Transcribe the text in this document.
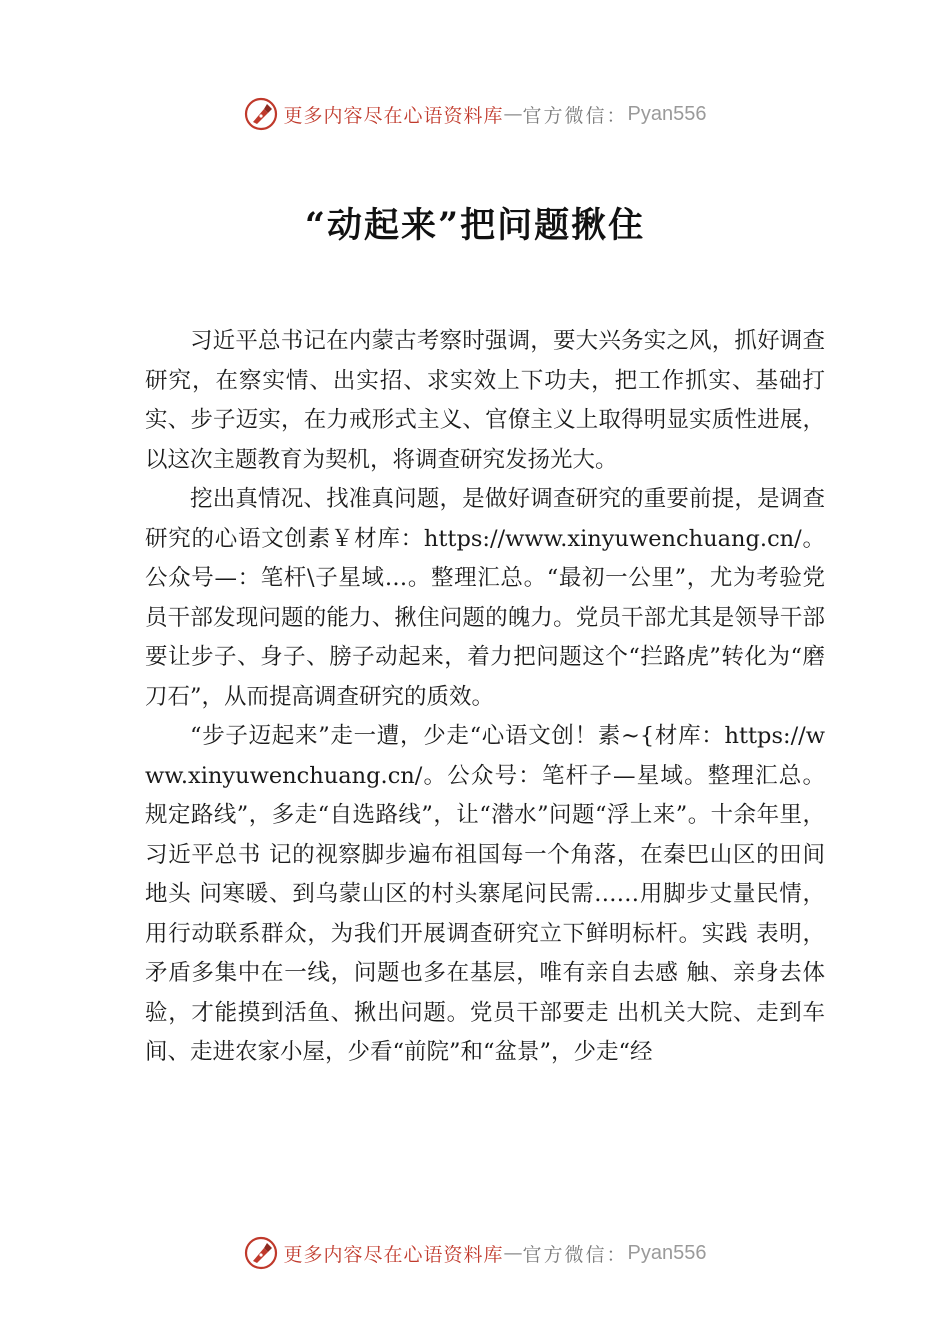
更多内容尽在心语资料库 — 官方微信： Pyan556
“动起来”把问题揪住

习近平总书记在内蒙古考察时强调，要大兴务实之风，抓好调查研究，在察实情、出实招、求实效上下功夫，把工作抓实、基础打实、步子迈实，在力戒形式主义、官僚主义上取得明显实质性进展，以这次主题教育为契机，将调查研究发扬光大。

挖出真情况、找准真问题，是做好调查研究的重要前提，是调查研究的心语文创素￥材库：https://www.xinyuwenchuang.cn/。公众号—：笔杆\子星域…。整理汇总。“最初一公里”，尤为考验党员干部发现问题的能力、揪住问题的魄力。党员干部尤其是领导干部要让步子、身子、膀子动起来，着力把问题这个“拦路虎”转化为“磨刀石”，从而提高调查研究的质效。

“步子迈起来”走一遭，少走“心语文创！素~{材库：https://www.xinyuwenchuang.cn/。公众号：笔杆子—星域。整理汇总。规定路线”，多走“自选路线”，让“潜水”问题“浮上来”。十余年里，习近平总书 记的视察脚步遍布祖国每一个角落，在秦巴山区的田间地头 问寒暖、到乌蒙山区的村头寨尾问民需……用脚步丈量民情， 用行动联系群众，为我们开展调查研究立下鲜明标杆。实践 表明，矛盾多集中在一线，问题也多在基层，唯有亲自去感 触、亲身去体验，才能摸到活鱼、揪出问题。党员干部要走 出机关大院、走到车间、走进农家小屋，少看“前院”和“盆景”，少走“经

更多内容尽在心语资料库 — 官方微信： Pyan556
